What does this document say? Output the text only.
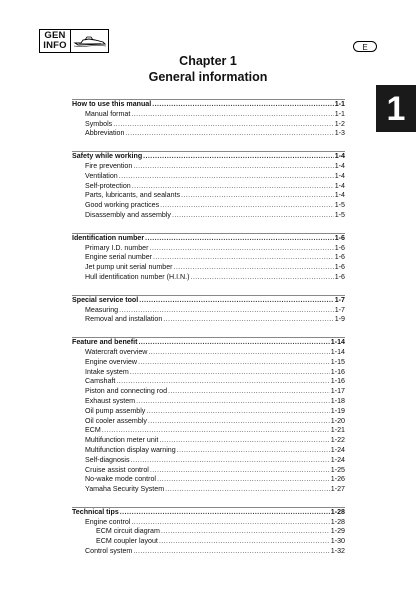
GEN
INFO	E
Chapter 1
General information
1
How to use this manual .....	1-1
Manual format .....	1-1
Symbols .....	1-2
Abbreviation .....	1-3
Safety while working .....	1-4
Fire prevention .....	1-4
Ventilation .....	1-4
Self-protection .....	1-4
Parts, lubricants, and sealants .....	1-4
Good working practices .....	1-5
Disassembly and assembly .....	1-5
Identification number .....	1-6
Primary I.D. number .....	1-6
Engine serial number .....	1-6
Jet pump unit serial number .....	1-6
Hull identification number (H.I.N.) .....	1-6
Special service tool .....	1-7
Measuring .....	1-7
Removal and installation .....	1-9
Feature and benefit .....	1-14
Watercraft overview .....	1-14
Engine overview .....	1-15
Intake system .....	1-16
Camshaft .....	1-16
Piston and connecting rod .....	1-17
Exhaust system .....	1-18
Oil pump assembly .....	1-19
Oil cooler assembly .....	1-20
ECM .....	1-21
Multifunction meter unit .....	1-22
Multifunction display warning .....	1-24
Self-diagnosis .....	1-24
Cruise assist control .....	1-25
No-wake mode control .....	1-26
Yamaha Security System .....	1-27
Technical tips .....	1-28
Engine control .....	1-28
ECM circuit diagram .....	1-29
ECM coupler layout .....	1-30
Control system .....	1-32
